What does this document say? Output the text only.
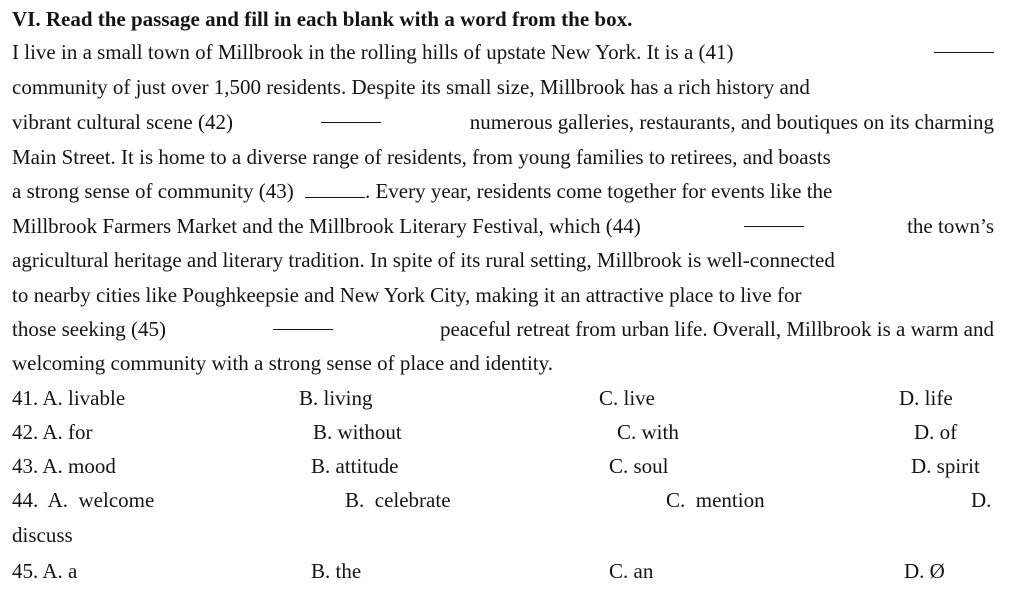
VI. Read the passage and fill in each blank with a word from the box.
I live in a small town of Millbrook in the rolling hills of upstate New York. It is a (41)
community of just over 1,500 residents. Despite its small size, Millbrook has a rich history and
vibrant cultural scene (42)	numerous galleries, restaurants, and boutiques on its charming
Main Street. It is home to a diverse range of residents, from young families to retirees, and boasts
a strong sense of community (43)	. Every year, residents come together for events like the
Millbrook Farmers Market and the Millbrook Literary Festival, which (44)	the town’s
agricultural heritage and literary tradition. In spite of its rural setting, Millbrook is well-connected
to nearby cities like Poughkeepsie and New York City, making it an attractive place to live for
those seeking (45)	peaceful retreat from urban life. Overall, Millbrook is a warm and
welcoming community with a strong sense of place and identity.
41. A. livable	B. living	C. live	D. life
42. A. for	B. without	C. with	D. of
43. A. mood	B. attitude	C. soul	D. spirit
44.  A.  welcome	B.  celebrate	C.  mention	D.
discuss
45. A. a	B. the	C. an	D. Ø
